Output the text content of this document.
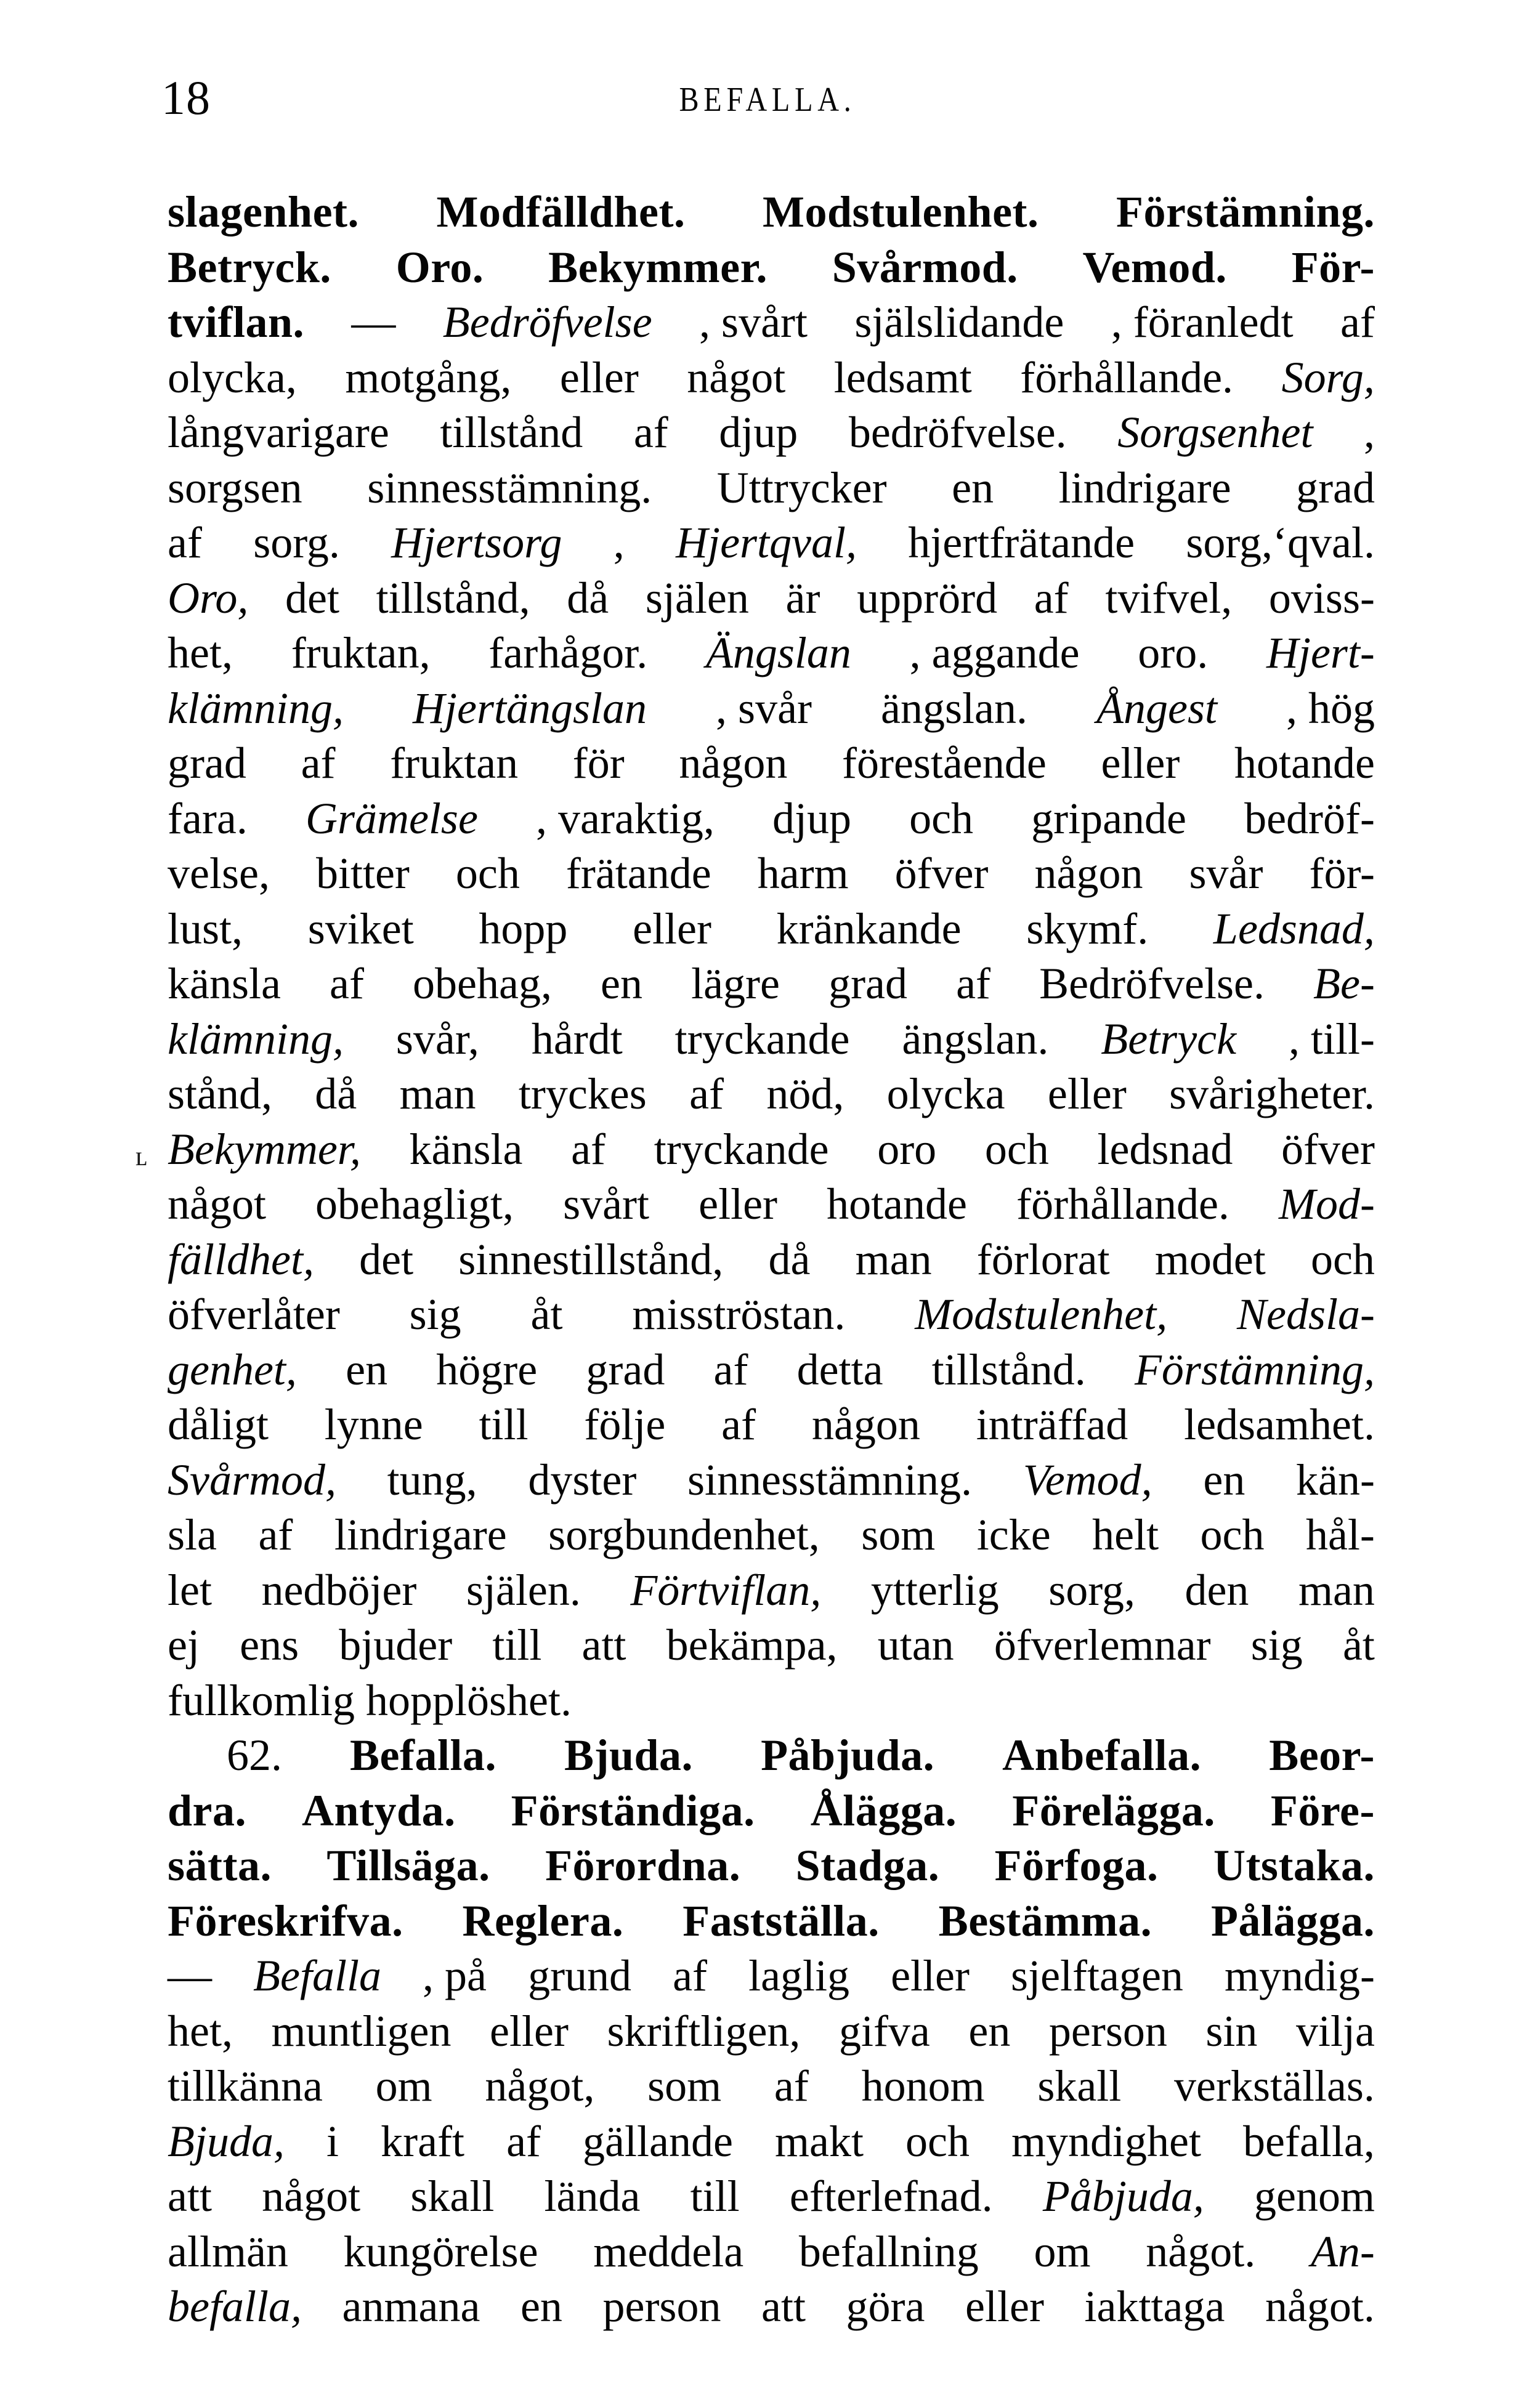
18	BEFALLA.
slagenhet. Modfälldhet. Modstulenhet. Förstämning.
Betryck. Oro. Bekymmer. Svårmod. Vemod. För-
tviflan. — Bedröfvelse , svårt själslidande , föranledt af
olycka, motgång, eller något ledsamt förhållande. Sorg,
långvarigare tillstånd af djup bedröfvelse. Sorgsenhet ,
sorgsen sinnesstämning. Uttrycker en lindrigare grad
af sorg. Hjertsorg , Hjertqval, hjertfrätande sorg,‘qval.
Oro, det tillstånd, då själen är upprörd af tvifvel, oviss-
het, fruktan, farhågor. Ängslan , aggande oro. Hjert-
klämning, Hjertängslan , svår ängslan. Ångest , hög
grad af fruktan för någon förestående eller hotande
fara. Grämelse , varaktig, djup och gripande bedröf-
velse, bitter och frätande harm öfver någon svår för-
lust, sviket hopp eller kränkande skymf. Ledsnad,
känsla af obehag, en lägre grad af Bedröfvelse. Be-
klämning, svår, hårdt tryckande ängslan. Betryck , till-
stånd, då man tryckes af nöd, olycka eller svårigheter.
ʟ Bekymmer, känsla af tryckande oro och ledsnad öfver
något obehagligt, svårt eller hotande förhållande. Mod-
fälldhet, det sinnestillstånd, då man förlorat modet och
öfverlåter sig åt misströstan. Modstulenhet, Nedsla-
genhet, en högre grad af detta tillstånd. Förstämning,
dåligt lynne till följe af någon inträffad ledsamhet.
Svårmod, tung, dyster sinnesstämning. Vemod, en kän-
sla af lindrigare sorgbundenhet, som icke helt och hål-
let nedböjer själen. Förtviflan, ytterlig sorg, den man
ej ens bjuder till att bekämpa, utan öfverlemnar sig åt
fullkomlig hopplöshet.
62. Befalla. Bjuda. Påbjuda. Anbefalla. Beor-
dra. Antyda. Förständiga. Ålägga. Förelägga. Före-
sätta. Tillsäga. Förordna. Stadga. Förfoga. Utstaka.
Föreskrifva. Reglera. Fastställa. Bestämma. Pålägga.
— Befalla , på grund af laglig eller sjelftagen myndig-
het, muntligen eller skriftligen, gifva en person sin vilja
tillkänna om något, som af honom skall verkställas.
Bjuda, i kraft af gällande makt och myndighet befalla,
att något skall lända till efterlefnad. Påbjuda, genom
allmän kungörelse meddela befallning om något. An-
befalla, anmana en person att göra eller iakttaga något.
